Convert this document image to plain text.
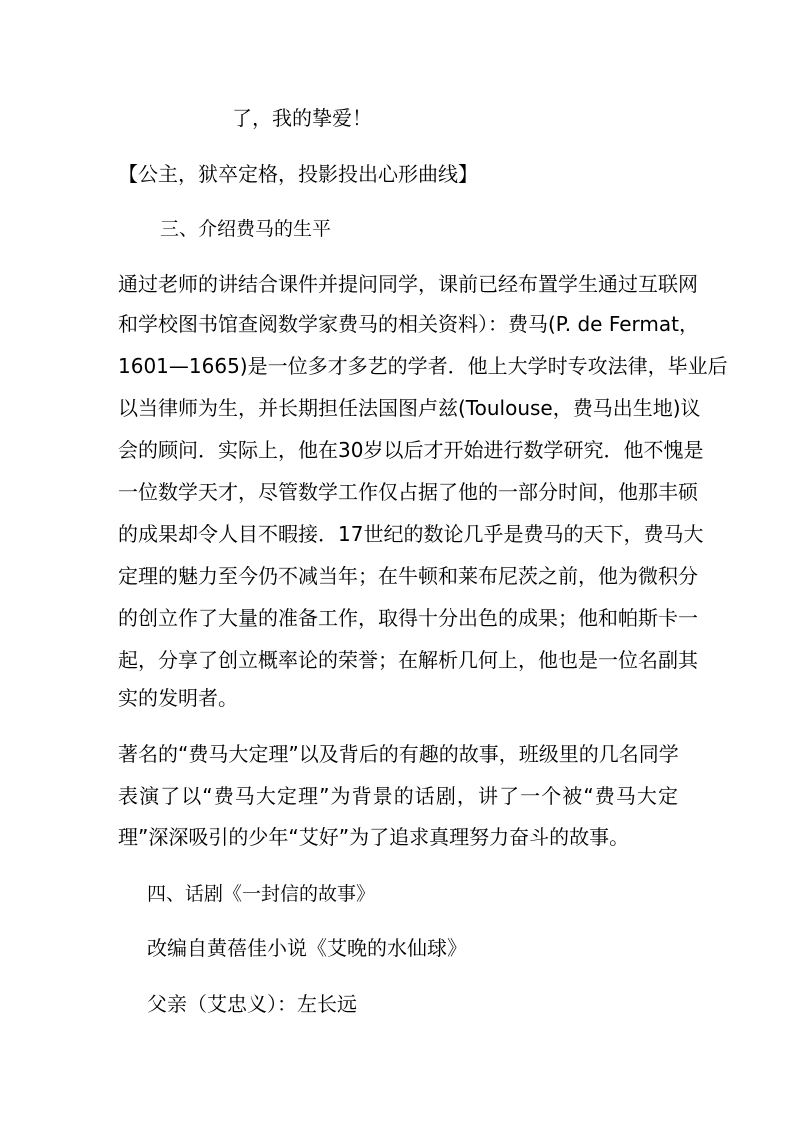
了，我的挚爱！
【公主，狱卒定格，投影投出心形曲线】
三、介绍费马的生平
通过老师的讲结合课件并提问同学，课前已经布置学生通过互联网
和学校图书馆查阅数学家费马的相关资料）：费马(P. de Fermat，
1601—1665)是一位多才多艺的学者．他上大学时专攻法律，毕业后
以当律师为生，并长期担任法国图卢兹(Toulouse，费马出生地)议
会的顾问．实际上，他在30岁以后才开始进行数学研究．他不愧是
一位数学天才，尽管数学工作仅占据了他的一部分时间，他那丰硕
的成果却令人目不暇接．17世纪的数论几乎是费马的天下，费马大
定理的魅力至今仍不减当年；在牛顿和莱布尼茨之前，他为微积分
的创立作了大量的准备工作，取得十分出色的成果；他和帕斯卡一
起，分享了创立概率论的荣誉；在解析几何上，他也是一位名副其
实的发明者。
著名的“费马大定理”以及背后的有趣的故事，班级里的几名同学
表演了以“费马大定理”为背景的话剧，讲了一个被“费马大定
理”深深吸引的少年“艾好”为了追求真理努力奋斗的故事。
四、话剧《一封信的故事》
改编自黄蓓佳小说《艾晚的水仙球》
父亲（艾忠义）：左长远
